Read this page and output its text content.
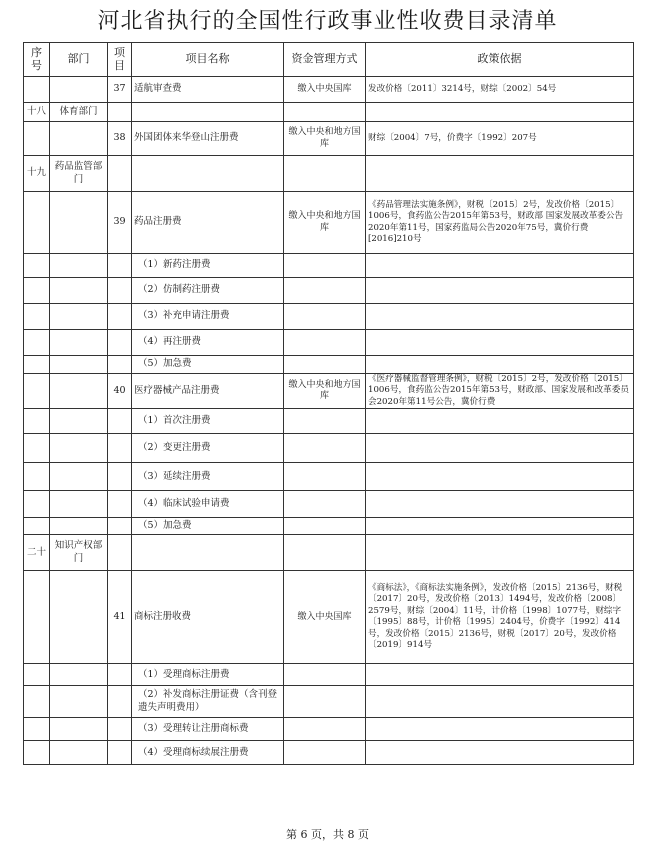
河北省执行的全国性行政事业性收费目录清单
序号	部门	项目	项目名称	资金管理方式	政策依据
		37	适航审查费	缴入中央国库	发改价格〔2011〕3214号，财综〔2002〕54号
十八	体育部门				
		38	外国团体来华登山注册费	缴入中央和地方国库	财综〔2004〕7号，价费字〔1992〕207号
十九	药品监管部门				
		39	药品注册费	缴入中央和地方国库	《药品管理法实施条例》，财税〔2015〕2号，发改价格〔2015〕1006号，食药监公告2015年第53号，财政部 国家发展改革委公告2020年第11号，国家药监局公告2020年75号，冀价行费[2016]210号
			（1）新药注册费		
			（2）仿制药注册费		
			（3）补充申请注册费		
			（4）再注册费		
			（5）加急费		
		40	医疗器械产品注册费	缴入中央和地方国库	《医疗器械监督管理条例》，财税〔2015〕2号，发改价格〔2015〕1006号，食药监公告2015年第53号，财政部、国家发展和改革委员会2020年第11号公告，冀价行费
			（1）首次注册费		
			（2）变更注册费		
			（3）延续注册费		
			（4）临床试验申请费		
			（5）加急费		
二十	知识产权部门				
		41	商标注册收费	缴入中央国库	《商标法》，《商标法实施条例》，发改价格〔2015〕2136号，财税〔2017〕20号，发改价格〔2013〕1494号，发改价格〔2008〕2579号，财综〔2004〕11号，计价格〔1998〕1077号，财综字〔1995〕88号，计价格〔1995〕2404号，价费字〔1992〕414号，发改价格〔2015〕2136号，财税〔2017〕20号，发改价格〔2019〕914号
			（1）受理商标注册费		
			（2）补发商标注册证费（含刊登遗失声明费用）		
			（3）受理转让注册商标费		
			（4）受理商标续展注册费		
第 6 页，共 8 页
